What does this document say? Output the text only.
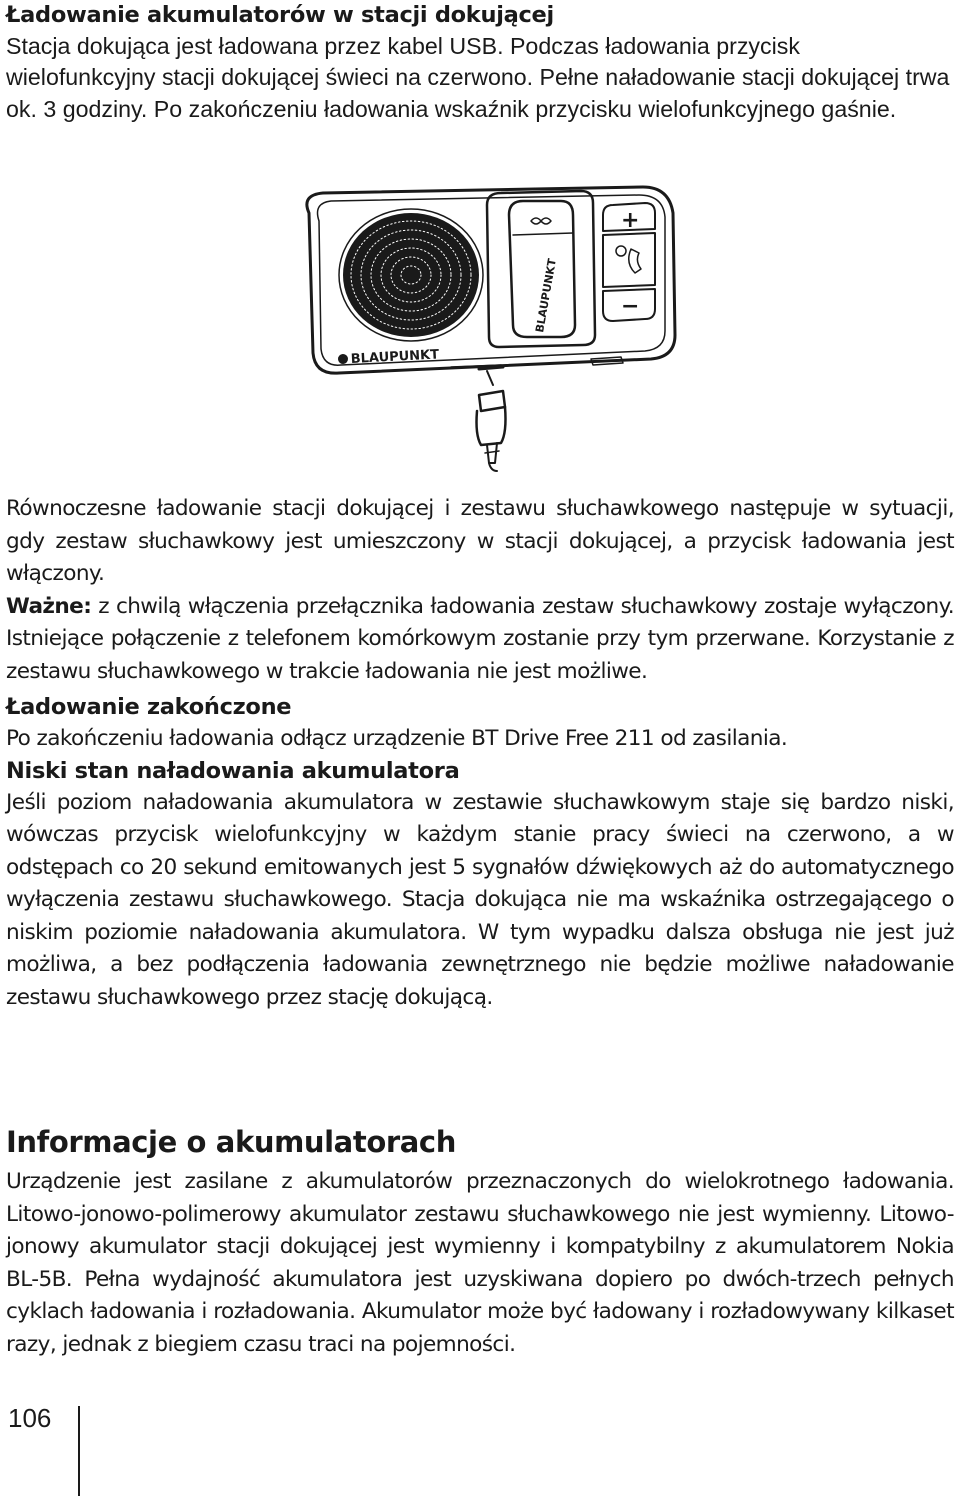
Ładowanie akumulatorów w stacji dokującej

Stacja dokująca jest ładowana przez kabel USB. Podczas ładowania przycisk wielofunkcyjny stacji dokującej świeci na czerwono. Pełne naładowanie stacji dokującej trwa ok. 3 godziny. Po zakończeniu ładowania wskaźnik przycisku wielofunkcyjnego gaśnie.

BLAUPUNKT
BLAUPUNKT
+
−

Równoczesne ładowanie stacji dokującej i zestawu słuchawkowego następuje w sytuacji, gdy zestaw słuchawkowy jest umieszczony w stacji dokującej, a przycisk ładowania jest włączony.

Ważne: z chwilą włączenia przełącznika ładowania zestaw słuchawkowy zostaje wyłączony. Istniejące połączenie z telefonem komórkowym zostanie przy tym przerwane. Korzystanie z zestawu słuchawkowego w trakcie ładowania nie jest możliwe.

Ładowanie zakończone

Po zakończeniu ładowania odłącz urządzenie BT Drive Free 211 od zasilania.

Niski stan naładowania akumulatora

Jeśli poziom naładowania akumulatora w zestawie słuchawkowym staje się bardzo niski, wówczas przycisk wielofunkcyjny w każdym stanie pracy świeci na czerwono, a w odstępach co 20 sekund emitowanych jest 5 sygnałów dźwiękowych aż do automatycznego wyłączenia zestawu słuchawkowego. Stacja dokująca nie ma wskaźnika ostrzegającego o niskim poziomie naładowania akumulatora. W tym wypadku dalsza obsługa nie jest już możliwa, a bez podłączenia ładowania zewnętrznego nie będzie możliwe naładowanie zestawu słuchawkowego przez stację dokującą.

Informacje o akumulatorach

Urządzenie jest zasilane z akumulatorów przeznaczonych do wielokrotnego ładowania. Litowo-jonowo-polimerowy akumulator zestawu słuchawkowego nie jest wymienny. Litowo-jonowy akumulator stacji dokującej jest wymienny i kompatybilny z akumulatorem Nokia BL-5B. Pełna wydajność akumulatora jest uzyskiwana dopiero po dwóch-trzech pełnych cyklach ładowania i rozładowania. Akumulator może być ładowany i rozładowywany kilkaset razy, jednak z biegiem czasu traci na pojemności.

106
